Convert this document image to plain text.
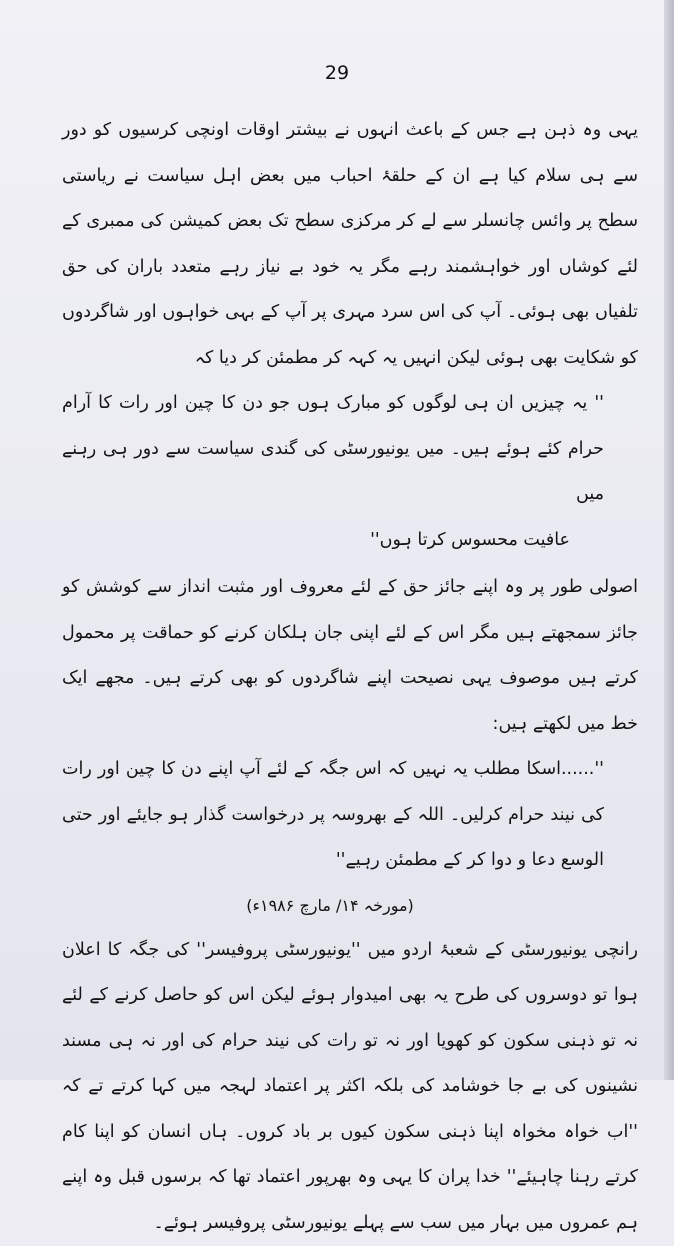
29

یہی وہ ذہن ہے جس کے باعث انہوں نے بیشتر اوقات اونچی کرسیوں کو دور سے ہی سلام کیا ہے ان کے حلقۂ احباب میں بعض اہل سیاست نے ریاستی سطح پر وائس چانسلر سے لے کر مرکزی سطح تک بعض کمیشن کی ممبری کے لئے کوشاں اور خواہشمند رہے مگر یہ خود بے نیاز رہے متعدد باران کی حق تلفیاں بھی ہوئی۔ آپ کی اس سرد مہری پر آپ کے بہی خواہوں اور شاگردوں کو شکایت بھی ہوئی لیکن انہیں یہ کہہ کر مطمئن کر دیا کہ

'' یہ چیزیں ان ہی لوگوں کو مبارک ہوں جو دن کا چین اور رات کا آرام حرام کئے ہوئے ہیں۔ میں یونیورسٹی کی گندی سیاست سے دور ہی رہنے میں

عافیت محسوس کرتا ہوں''

اصولی طور پر وہ اپنے جائز حق کے لئے معروف اور مثبت انداز سے کوشش کو جائز سمجھتے ہیں مگر اس کے لئے اپنی جان ہلکان کرنے کو حماقت پر محمول کرتے ہیں موصوف یہی نصیحت اپنے شاگردوں کو بھی کرتے ہیں۔ مجھے ایک خط میں لکھتے ہیں:

''......اسکا مطلب یہ نہیں کہ اس جگہ کے لئے آپ اپنے دن کا چین اور رات کی نیند حرام کرلیں۔ اللہ کے بھروسہ پر درخواست گذار ہو جایئے اور حتی الوسع دعا و دوا کر کے مطمئن رہیے''

(مورخہ ۱۴/ مارچ ۱۹۸۶ء)

رانچی یونیورسٹی کے شعبۂ اردو میں ''یونیورسٹی پروفیسر'' کی جگہ کا اعلان ہوا تو دوسروں کی طرح یہ بھی امیدوار ہوئے لیکن اس کو حاصل کرنے کے لئے نہ تو ذہنی سکون کو کھویا اور نہ تو رات کی نیند حرام کی اور نہ ہی مسند نشینوں کی بے جا خوشامد کی بلکہ اکثر پر اعتماد لہجہ میں کہا کرتے تے کہ ''اب خواہ مخواہ اپنا ذہنی سکون کیوں بر باد کروں۔ ہاں انسان کو اپنا کام کرتے رہنا چاہیئے'' خدا پران کا یہی وہ بھرپور اعتماد تھا کہ برسوں قبل وہ اپنے ہم عمروں میں بہار میں سب سے پہلے یونیورسٹی پروفیسر ہوئے۔
